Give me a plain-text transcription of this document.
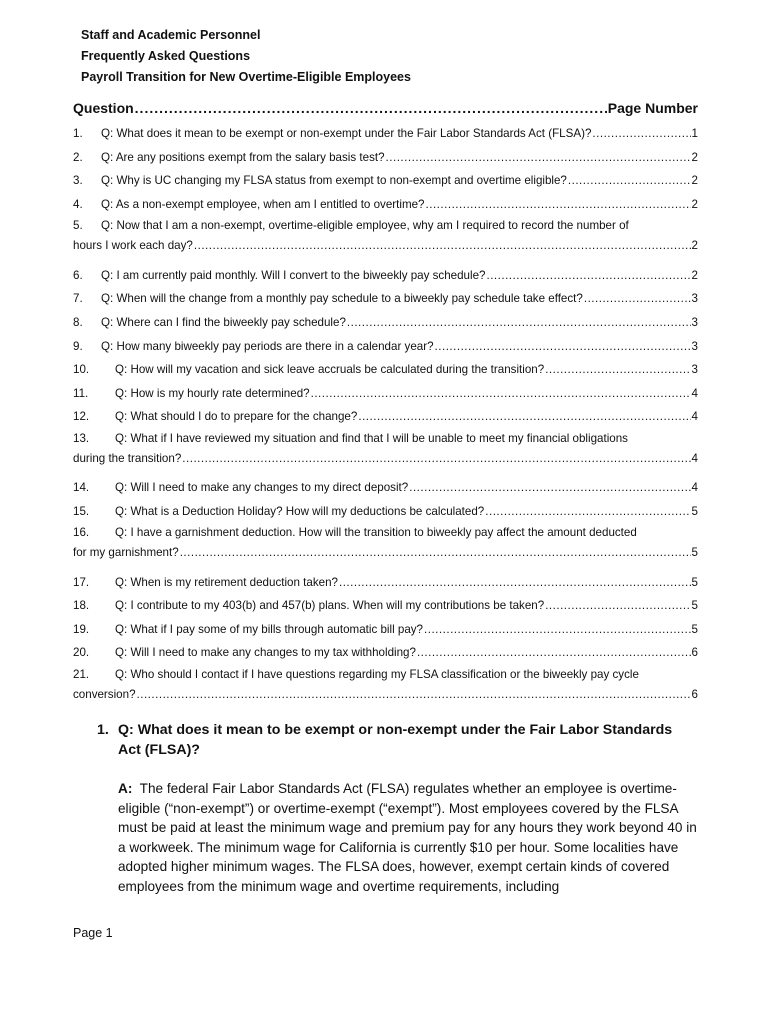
Staff and Academic Personnel
Frequently Asked Questions
Payroll Transition for New Overtime-Eligible Employees
Question .....	Page Number
1.	Q: What does it mean to be exempt or non-exempt under the Fair Labor Standards Act (FLSA)? .....	1
2.	Q: Are any positions exempt from the salary basis test? .....	2
3.	Q: Why is UC changing my FLSA status from exempt to non-exempt and overtime eligible? .....	2
4.	Q: As a non-exempt employee, when am I entitled to overtime? .....	2
5.	Q: Now that I am a non-exempt, overtime-eligible employee, why am I required to record the number of
hours I work each day? .....	2
6.	Q: I am currently paid monthly. Will I convert to the biweekly pay schedule? .....	2
7.	Q: When will the change from a monthly pay schedule to a biweekly pay schedule take effect? .....	3
8.	Q: Where can I find the biweekly pay schedule? .....	3
9.	Q: How many biweekly pay periods are there in a calendar year? .....	3
10.	Q: How will my vacation and sick leave accruals be calculated during the transition? .....	3
11.	Q: How is my hourly rate determined? .....	4
12.	Q: What should I do to prepare for the change? .....	4
13.	Q: What if I have reviewed my situation and find that I will be unable to meet my financial obligations
during the transition? .....	4
14.	Q: Will I need to make any changes to my direct deposit? .....	4
15.	Q: What is a Deduction Holiday? How will my deductions be calculated? .....	5
16.	Q: I have a garnishment deduction. How will the transition to biweekly pay affect the amount deducted
for my garnishment? .....	5
17.	Q: When is my retirement deduction taken? .....	5
18.	Q: I contribute to my 403(b) and 457(b) plans. When will my contributions be taken? .....	5
19.	Q: What if I pay some of my bills through automatic bill pay? .....	5
20.	Q: Will I need to make any changes to my tax withholding? .....	6
21.	Q: Who should I contact if I have questions regarding my FLSA classification or the biweekly pay cycle
conversion? .....	6
1. Q: What does it mean to be exempt or non-exempt under the Fair Labor Standards Act (FLSA)?
A: The federal Fair Labor Standards Act (FLSA) regulates whether an employee is overtime-eligible (“non-exempt”) or overtime-exempt (“exempt”). Most employees covered by the FLSA must be paid at least the minimum wage and premium pay for any hours they work beyond 40 in a workweek. The minimum wage for California is currently $10 per hour. Some localities have adopted higher minimum wages. The FLSA does, however, exempt certain kinds of covered employees from the minimum wage and overtime requirements, including
Page 1
